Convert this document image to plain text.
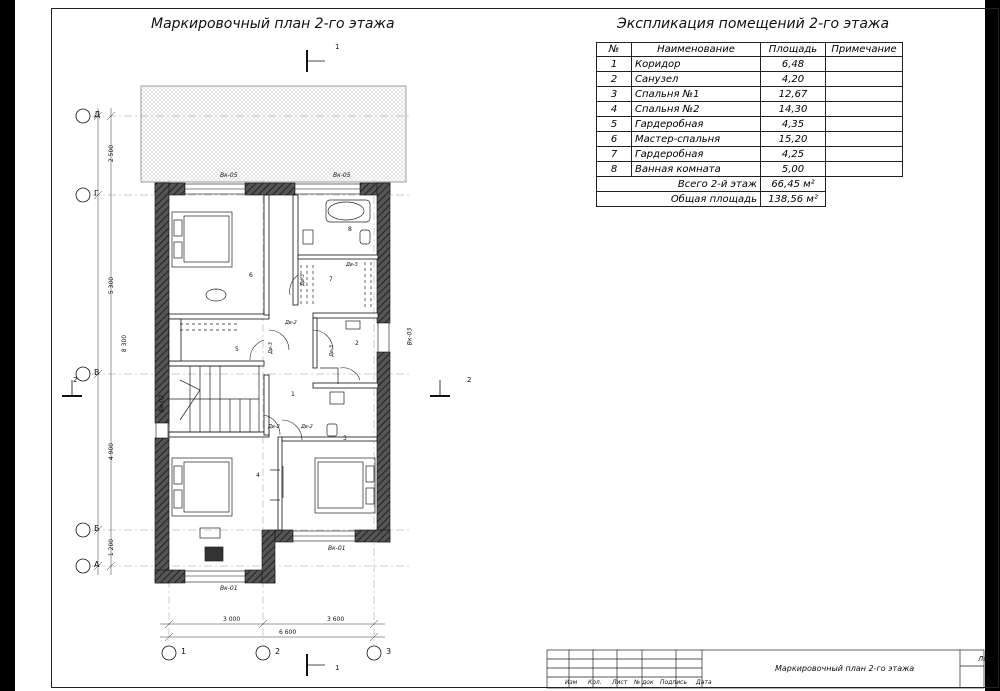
Маркировочный план 2-го этажа	Экспликация помещений 2-го этажа
№	Наименование	Площадь	Примечание
1	Коридор	6,48	
2	Санузел	4,20	
3	Спальня №1	12,67	
4	Спальня №2	14,30	
5	Гардеробная	4,35	
6	Мастер-спальня	15,20	
7	Гардеробная	4,25	
8	Ванная комната	5,00	
Всего 2-й этаж		66,45 м²	
Общая площадь		138,56 м²	
Д
Г
В
Б
А
1	2	3
2 500
5 300
8 300
4 900
1 200
3 000	3 600
6 600
1
1
2	2
Вк-05	Вк-05
Вк-03
Вк-02
Вк-01
Вк-01
Дв-3
Дв-3
Дв-2
Дв-3	Дв-3
Дв-2	Дв-2
1
2
3
4
5
6
7
8
Маркировочный план 2-го этажа
Лист
4
Изм Кол. Лист № док Подпись Дата
